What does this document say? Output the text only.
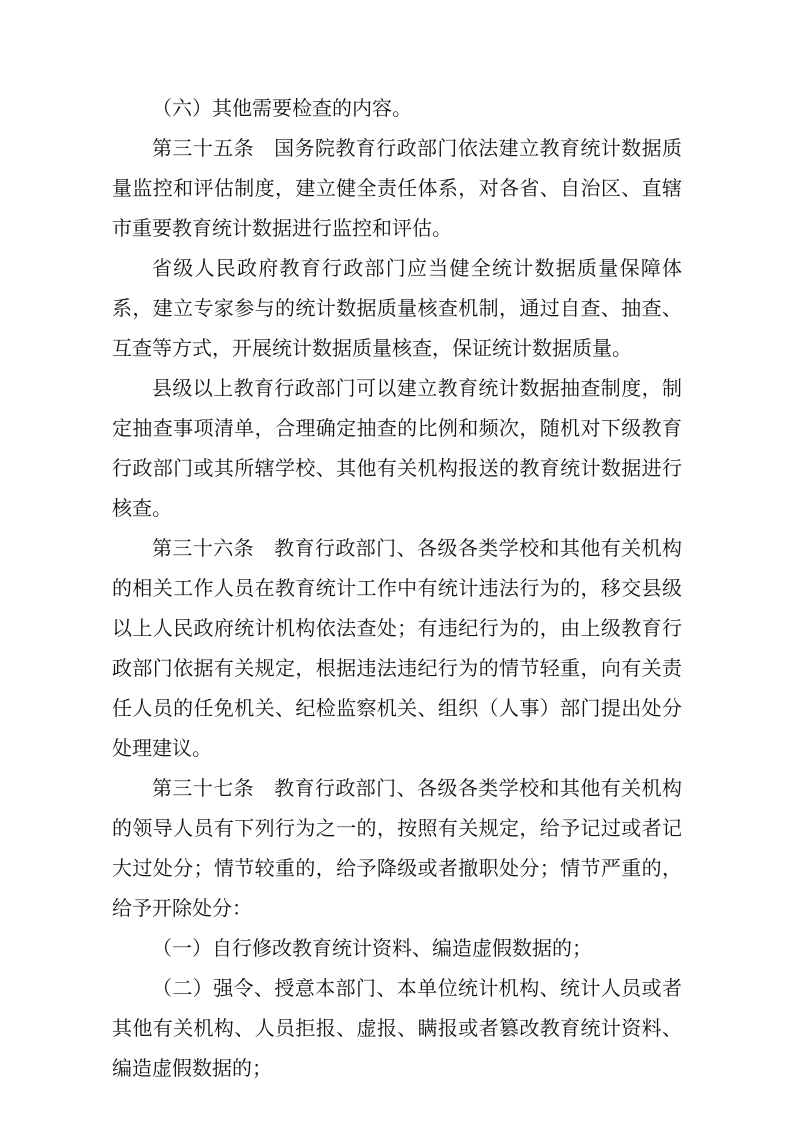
（六）其他需要检查的内容。

第三十五条 国务院教育行政部门依法建立教育统计数据质量监控和评估制度，建立健全责任体系，对各省、自治区、直辖市重要教育统计数据进行监控和评估。

省级人民政府教育行政部门应当健全统计数据质量保障体系，建立专家参与的统计数据质量核查机制，通过自查、抽查、互查等方式，开展统计数据质量核查，保证统计数据质量。

县级以上教育行政部门可以建立教育统计数据抽查制度，制定抽查事项清单，合理确定抽查的比例和频次，随机对下级教育行政部门或其所辖学校、其他有关机构报送的教育统计数据进行核查。

第三十六条 教育行政部门、各级各类学校和其他有关机构的相关工作人员在教育统计工作中有统计违法行为的，移交县级以上人民政府统计机构依法查处；有违纪行为的，由上级教育行政部门依据有关规定，根据违法违纪行为的情节轻重，向有关责任人员的任免机关、纪检监察机关、组织（人事）部门提出处分处理建议。

第三十七条 教育行政部门、各级各类学校和其他有关机构的领导人员有下列行为之一的，按照有关规定，给予记过或者记大过处分；情节较重的，给予降级或者撤职处分；情节严重的，给予开除处分：

（一）自行修改教育统计资料、编造虚假数据的；

（二）强令、授意本部门、本单位统计机构、统计人员或者其他有关机构、人员拒报、虚报、瞒报或者篡改教育统计资料、编造虚假数据的；
